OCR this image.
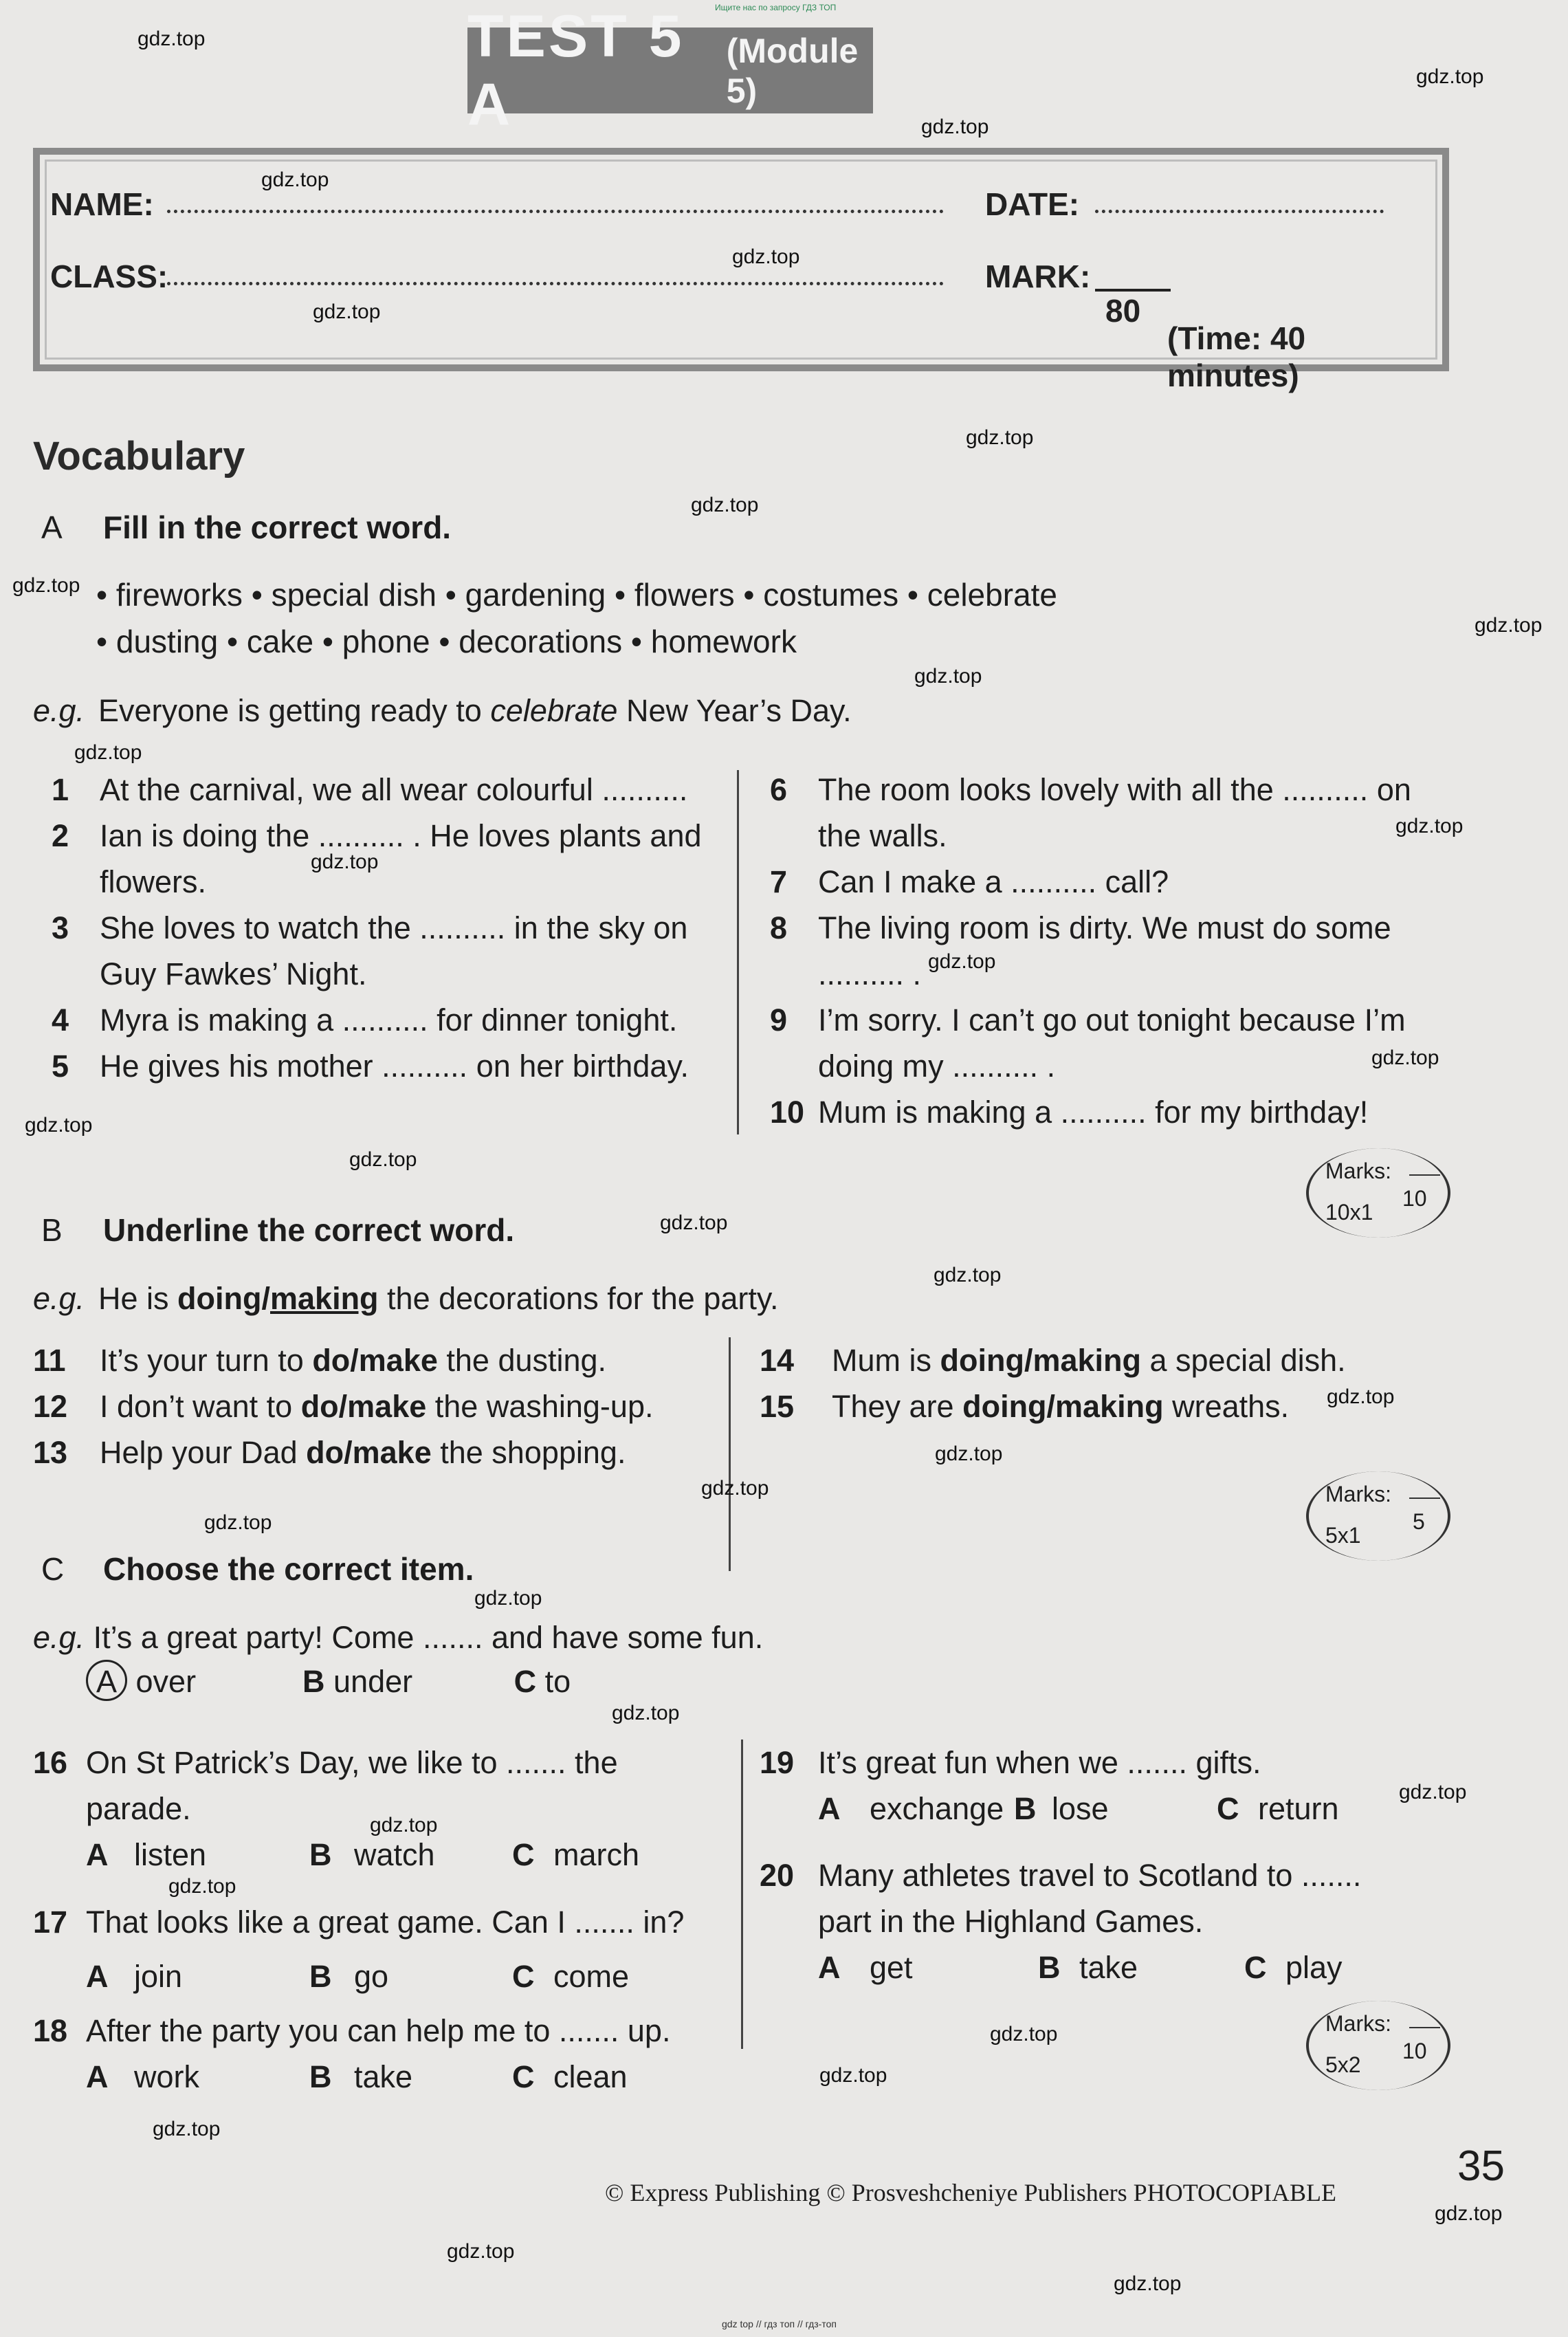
Ищите нас по запросу ГДЗ ТОП
TEST 5 A
(Module 5)
NAME:	DATE:
CLASS:	MARK:
80
(Time: 40 minutes)
Vocabulary
A Fill in the correct word.
• fireworks • special dish • gardening • flowers • costumes • celebrate
• dusting • cake • phone • decorations • homework
e.g. Everyone is getting ready to celebrate New Year’s Day.
1 At the carnival, we all wear colourful ..........
2 Ian is doing the .......... . He loves plants and
flowers.
3 She loves to watch the .......... in the sky on
Guy Fawkes’ Night.
4 Myra is making a .......... for dinner tonight.
5 He gives his mother .......... on her birthday.
6 The room looks lovely with all the .......... on
the walls.
7 Can I make a .......... call?
8 The living room is dirty. We must do some
.......... .
9 I’m sorry. I can’t go out tonight because I’m
doing my .......... .
10 Mum is making a .......... for my birthday!
Marks:
10x1
10
B Underline the correct word.
e.g. He is doing/making the decorations for the party.
11 It’s your turn to do/make the dusting.
12 I don’t want to do/make the washing-up.
13 Help your Dad do/make the shopping.
14 Mum is doing/making a special dish.
15 They are doing/making wreaths.
Marks:
5x1
5
C Choose the correct item.
e.g. It’s a great party! Come ....... and have some fun.
A over	B under	C to
16 On St Patrick’s Day, we like to ....... the
parade.
A listen	B watch C march
17 That looks like a great game. Can I ....... in?
A join	B go	C come
18 After the party you can help me to ....... up.
A work	B take	C clean
19 It’s great fun when we ....... gifts.
A exchange B lose	C return
20 Many athletes travel to Scotland to .......
part in the Highland Games.
A get	B take	C play
Marks:
5x2
10
© Express Publishing © Prosveshcheniye Publishers PHOTOCOPIABLE
35
gdz top // гдз топ // гдз-топ
gdz.top
gdz.top
gdz.top
gdz.top
gdz.top
gdz.top
gdz.top
gdz.top
gdz.top
gdz.top
gdz.top
gdz.top
gdz.top
gdz.top
gdz.top
gdz.top
gdz.top
gdz.top
gdz.top
gdz.top
gdz.top
gdz.top
gdz.top
gdz.top
gdz.top
gdz.top
gdz.top
gdz.top
gdz.top
gdz.top
gdz.top
gdz.top
gdz.top
gdz.top
gdz.top
